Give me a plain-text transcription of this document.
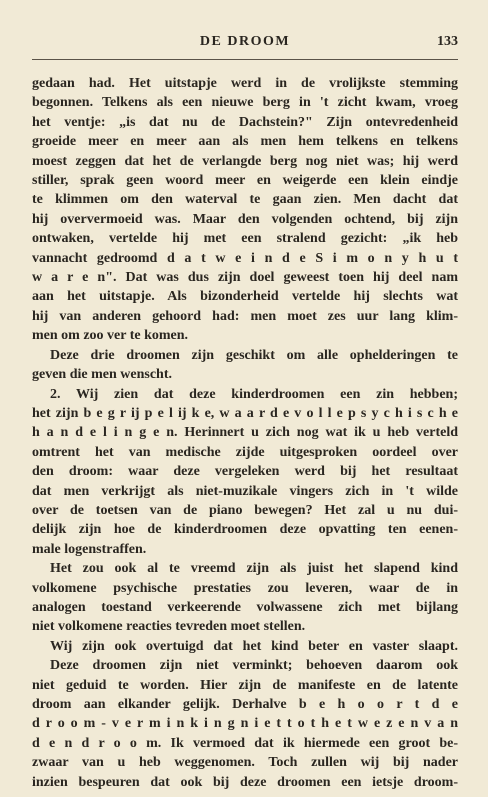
DE DROOM	133
gedaan had. Het uitstapje werd in de vrolijkste stemming
begonnen. Telkens als een nieuwe berg in 't zicht kwam, vroeg
het ventje: „is dat nu de Dachstein?" Zijn ontevredenheid
groeide meer en meer aan als men hem telkens en telkens
moest zeggen dat het de verlangde berg nog niet was; hij werd
stiller, sprak geen woord meer en weigerde een klein eindje
te klimmen om den waterval te gaan zien. Men dacht dat
hij oververmoeid was. Maar den volgenden ochtend, bij zijn
ontwaken, vertelde hij met een stralend gezicht: „ik heb
vannacht gedroomd d a t w e i n d e S i m o n y h u t
w a r e n". Dat was dus zijn doel geweest toen hij deel nam
aan het uitstapje. Als bizonderheid vertelde hij slechts wat
hij van anderen gehoord had: men moet zes uur lang klim-
men om zoo ver te komen.
Deze drie droomen zijn geschikt om alle ophelderingen te
geven die men wenscht.
2. Wij zien dat deze kinderdroomen een zin hebben;
het zijn b e g r ij p e l ij k e, w a a r d e v o l l e p s y c h i s c h e
h a n d e l i n g e n. Herinnert u zich nog wat ik u heb verteld
omtrent het van medische zijde uitgesproken oordeel over
den droom: waar deze vergeleken werd bij het resultaat
dat men verkrijgt als niet-muzikale vingers zich in 't wilde
over de toetsen van de piano bewegen? Het zal u nu dui-
delijk zijn hoe de kinderdroomen deze opvatting ten eenen-
male logenstraffen.
Het zou ook al te vreemd zijn als juist het slapend kind
volkomene psychische prestaties zou leveren, waar de in
analogen toestand verkeerende volwassene zich met bijlang
niet volkomene reacties tevreden moet stellen.
Wij zijn ook overtuigd dat het kind beter en vaster slaapt.
Deze droomen zijn niet verminkt; behoeven daarom ook
niet geduid te worden. Hier zijn de manifeste en de latente
droom aan elkander gelijk. Derhalve b e h o o r t d e
d r o o m - v e r m i n k i n g n i e t t o t h e t w e z e n v a n
d e n d r o o m. Ik vermoed dat ik hiermede een groot be-
zwaar van u heb weggenomen. Toch zullen wij bij nader
inzien bespeuren dat ook bij deze droomen een ietsje droom-
